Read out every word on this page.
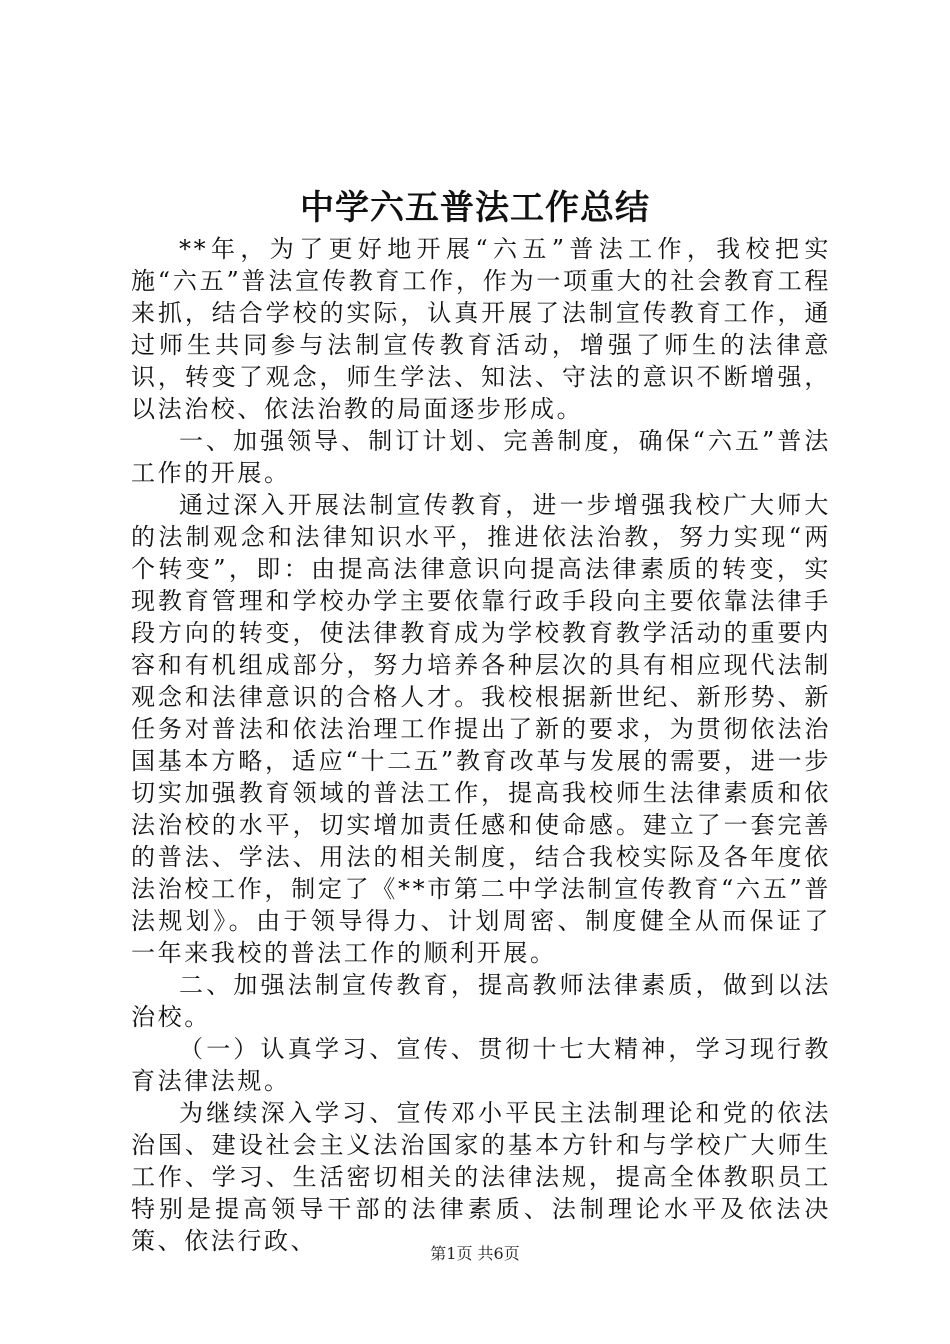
中学六五普法工作总结

**年，为了更好地开展“六五”普法工作，我校把实施“六五”普法宣传教育工作，作为一项重大的社会教育工程来抓，结合学校的实际，认真开展了法制宣传教育工作，通过师生共同参与法制宣传教育活动，增强了师生的法律意识，转变了观念，师生学法、知法、守法的意识不断增强，以法治校、依法治教的局面逐步形成。

一、加强领导、制订计划、完善制度，确保“六五”普法工作的开展。

通过深入开展法制宣传教育，进一步增强我校广大师大的法制观念和法律知识水平，推进依法治教，努力实现“两个转变”，即：由提高法律意识向提高法律素质的转变，实现教育管理和学校办学主要依靠行政手段向主要依靠法律手段方向的转变，使法律教育成为学校教育教学活动的重要内容和有机组成部分，努力培养各种层次的具有相应现代法制观念和法律意识的合格人才。我校根据新世纪、新形势、新任务对普法和依法治理工作提出了新的要求，为贯彻依法治国基本方略，适应“十二五”教育改革与发展的需要，进一步切实加强教育领域的普法工作，提高我校师生法律素质和依法治校的水平，切实增加责任感和使命感。建立了一套完善的普法、学法、用法的相关制度，结合我校实际及各年度依法治校工作，制定了《**市第二中学法制宣传教育“六五”普法规划》。由于领导得力、计划周密、制度健全从而保证了一年来我校的普法工作的顺利开展。

二、加强法制宣传教育，提高教师法律素质，做到以法治校。

（一）认真学习、宣传、贯彻十七大精神，学习现行教育法律法规。

为继续深入学习、宣传邓小平民主法制理论和党的依法治国、建设社会主义法治国家的基本方针和与学校广大师生工作、学习、生活密切相关的法律法规，提高全体教职员工特别是提高领导干部的法律素质、法制理论水平及依法决策、依法行政、	第1页 共6页
